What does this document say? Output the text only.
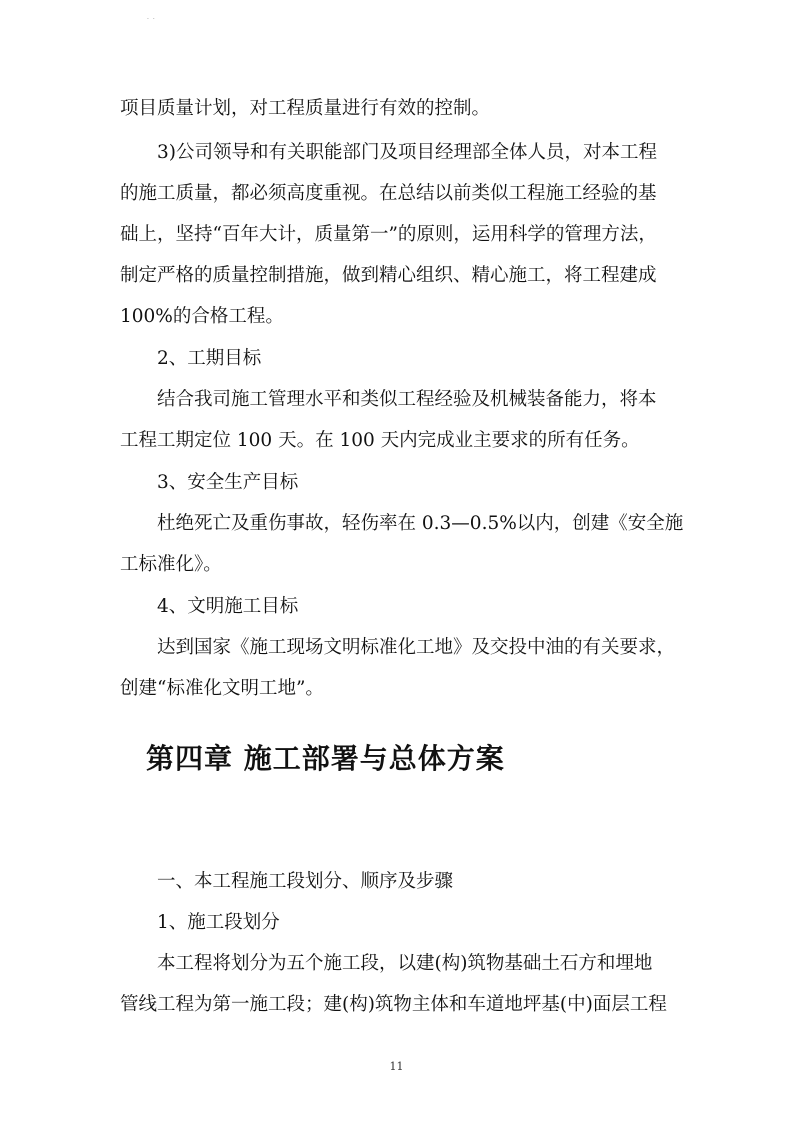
. .
项目质量计划，对工程质量进行有效的控制。
3)公司领导和有关职能部门及项目经理部全体人员，对本工程
的施工质量，都必须高度重视。在总结以前类似工程施工经验的基
础上，坚持“百年大计，质量第一”的原则，运用科学的管理方法，
制定严格的质量控制措施，做到精心组织、精心施工，将工程建成
100%的合格工程。
2、工期目标
结合我司施工管理水平和类似工程经验及机械装备能力，将本
工程工期定位 100 天。在 100 天内完成业主要求的所有任务。
3、安全生产目标
杜绝死亡及重伤事故，轻伤率在 0.3—0.5%以内，创建《安全施
工标准化》。
4、文明施工目标
达到国家《施工现场文明标准化工地》及交投中油的有关要求，
创建“标准化文明工地”。
第四章 施工部署与总体方案
一、本工程施工段划分、顺序及步骤
1、施工段划分
本工程将划分为五个施工段，以建(构)筑物基础土石方和埋地
管线工程为第一施工段；建(构)筑物主体和车道地坪基(中)面层工程
11
